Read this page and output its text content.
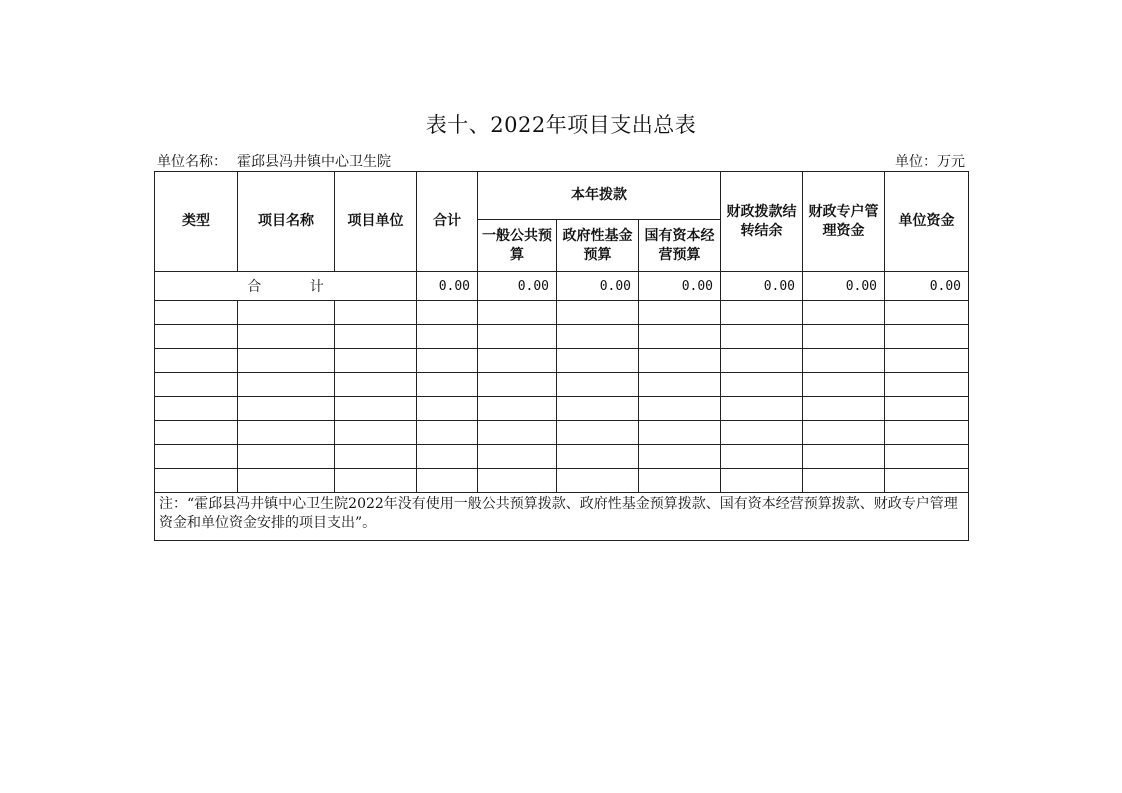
表十、2022年项目支出总表
单位名称： 霍邱县冯井镇中心卫生院	单位：万元
类型	项目名称	项目单位	合计	本年拨款			财政拨款结转结余	财政专户管理资金	单位资金
				一般公共预算	政府性基金预算	国有资本经营预算			
合 计			0.00	0.00	0.00	0.00	0.00	0.00	0.00

注：“霍邱县冯井镇中心卫生院2022年没有使用一般公共预算拨款、政府性基金预算拨款、国有资本经营预算拨款、财政专户管理资金和单位资金安排的项目支出”。									
